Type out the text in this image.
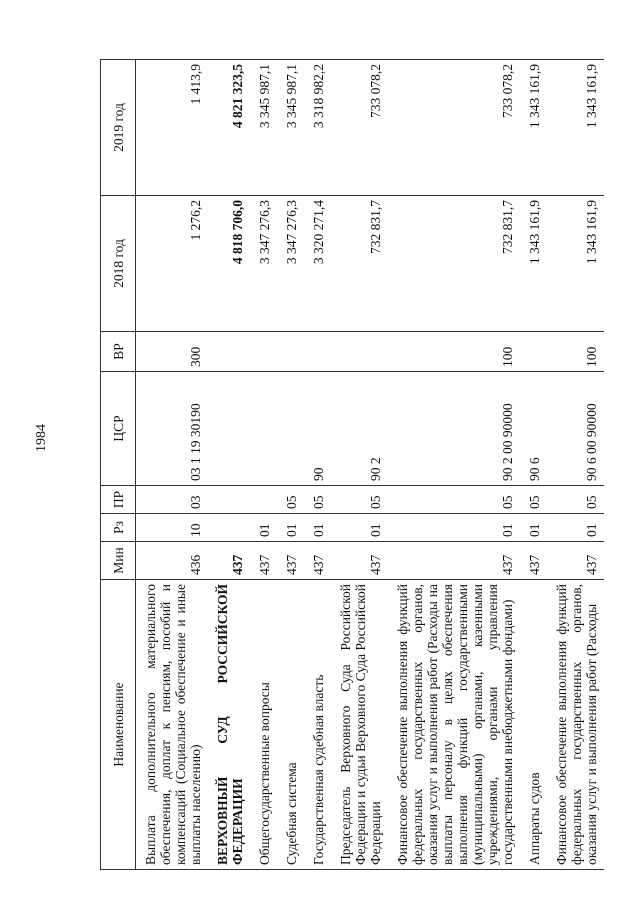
1984
Наименование	Мин	Рз	ПР	ЦСР	ВР	2018 год	2019 год
Выплата дополнительного материального обеспечения, доплат к пенсиям, пособий и компенсаций (Социальное обеспечение и иные выплаты населению)	436	10	03	03 1 19 30190	300	1 276,2	1 413,9
ВЕРХОВНЫЙ СУД РОССИЙСКОЙ ФЕДЕРАЦИИ	437					4 818 706,0	4 821 323,5
Общегосударственные вопросы	437	01				3 347 276,3	3 345 987,1
Судебная система	437	01	05			3 347 276,3	3 345 987,1
Государственная судебная власть	437	01	05	90		3 320 271,4	3 318 982,2
Председатель Верховного Суда Российской Федерации и судьи Верховного Суда Российской Федерации	437	01	05	90 2		732 831,7	733 078,2
Финансовое обеспечение выполнения функций федеральных государственных органов, оказания услуг и выполнения работ (Расходы на выплаты персоналу в целях обеспечения выполнения функций государственными (муниципальными) органами, казенными учреждениями, органами управления государственными внебюджетными фондами)	437	01	05	90 2 00 90000	100	732 831,7	733 078,2
Аппараты судов	437	01	05	90 6		1 343 161,9	1 343 161,9
Финансовое обеспечение выполнения функций федеральных государственных органов, оказания услуг и выполнения работ (Расходы	437	01	05	90 6 00 90000	100	1 343 161,9	1 343 161,9
